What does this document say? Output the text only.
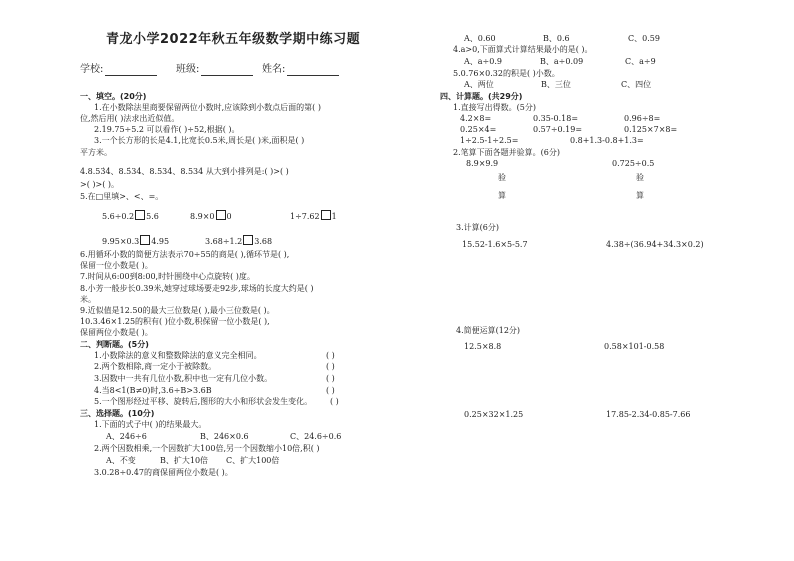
青龙小学2022年秋五年级数学期中练习题
学校:	班级:	姓名:
一、填空。(20分)
1.在小数除法里商要保留两位小数时,应该除到小数点后面的第( )
位,然后用( )法求出近似值。
2.19.75÷5.2 可以看作( )÷52,根据( )。
3.一个长方形的长是4.1,比宽长0.5米,周长是( )米,面积是( )
平方米。
4.8.53̇4̇、8.5̇34̇、8.534̇、8.534 从大到小排列是:( )>( )
>( )>( )。
5.在□里填>、<、=。
5.6÷0.2 5.6	8.9×0 0	1÷7.62 1
9.95×0.3 4.95	3.68÷1.2 3.68
6.用循环小数的简便方法表示70÷55的商是( ),循环节是( ),
保留一位小数是( )。
7.时间从6:00到8:00,时针围绕中心点旋转( )度。
8.小芳一般步长0.39米,她穿过球场要走92步,球场的长度大约是( )
米。
9.近似值是12.50的最大三位数是( ),最小三位数是( )。
10.3.46×1.25的积有( )位小数,积保留一位小数是( ),
保留两位小数是( )。
二、判断题。(5分)
1.小数除法的意义和整数除法的意义完全相同。	( )
2.两个数相除,商一定小于被除数。	( )
3.因数中一共有几位小数,积中也一定有几位小数。	( )
4.当8<1(B≠0)时,3.6÷B>3.6B	( )
5.一个图形经过平移、旋转后,图形的大小和形状会发生变化。 ( )
三、选择题。(10分)
1.下面的式子中( )的结果最大。
A、246÷6	B、246×0.6	C、24.6÷0.6
2.两个因数相乘,一个因数扩大100倍,另一个因数缩小10倍,积( )
A、不变	B、扩大10倍 C、扩大100倍
3.0.28÷0.47的商保留两位小数是( )。
A、0.60	B、0.6	C、0.59
4.a>0,下面算式计算结果最小的是( )。
A、a÷0.9	B、a÷0.09	C、a÷9
5.0.76×0.32的积是( )小数。
A、两位	B、三位	C、四位
四、计算题。(共29分)
1.直接写出得数。(5分)
4.2×8=	0.35-0.18=	0.96÷8=
0.25×4=	0.57÷0.19=	0.125×7×8=
1÷2.5-1÷2.5=	0.8+1.3-0.8+1.3=
2.笔算下面各题并验算。(6分)
8.9×9.9	0.725÷0.5
验
算
验
算
3.计算(6分)
15.52-1.6×5-5.7	4.38÷(36.94+34.3×0.2)
4.简便运算(12分)
12.5×8.8	0.58×101-0.58
0.25×32×1.25	17.85-2.34-0.85-7.66
